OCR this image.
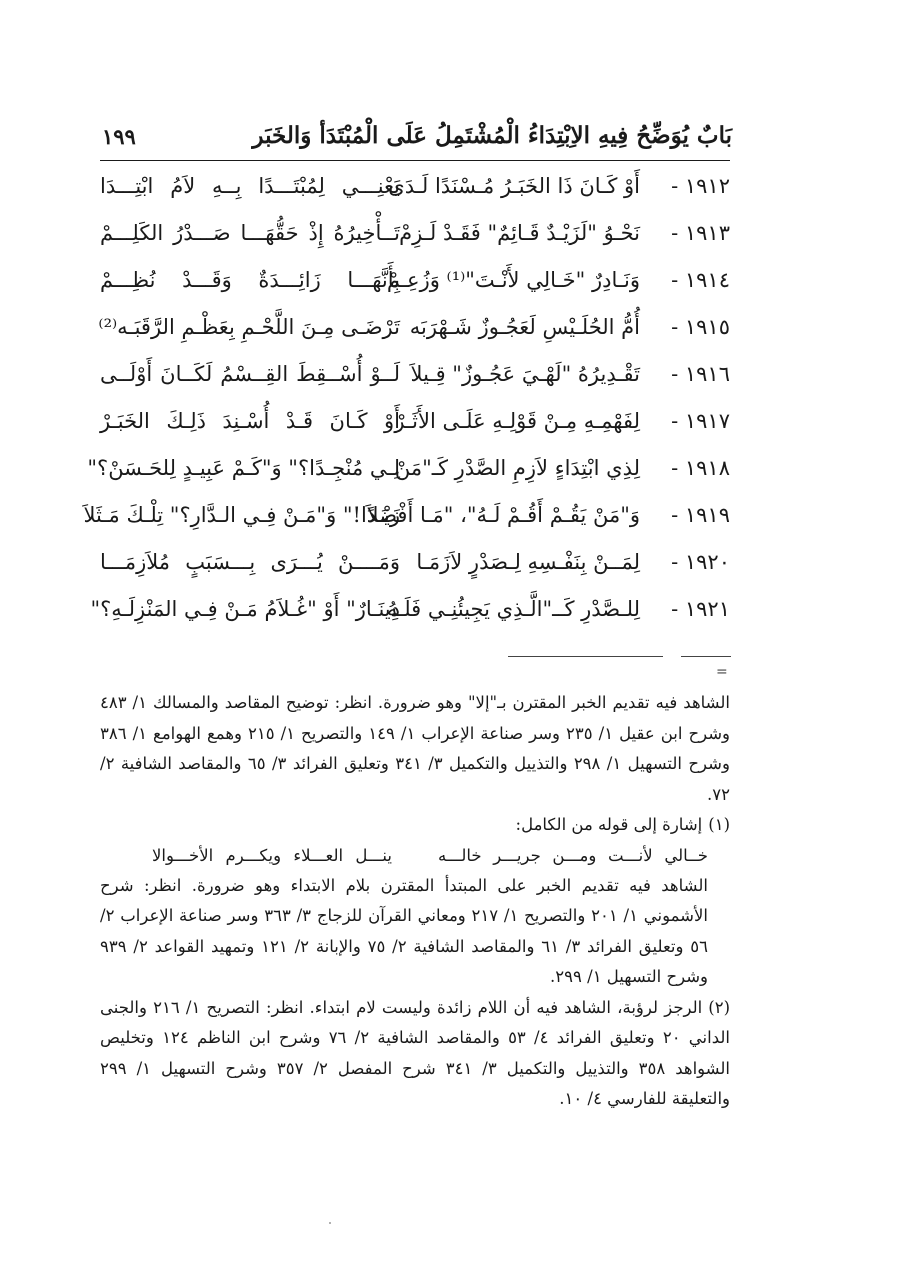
بَابٌ يُوَضِّحُ فِيهِ الاِبْتِدَاءُ الْمُشْتَمِلُ عَلَى الْمُبْتَدَأ وَالخَبَر
١٩٩
١٩١٢ -
أَوْ كَـانَ ذَا الخَبَـرُ مُـسْنَدًا لَـدَى
يَعْنِـــي لِمُبْتَـــدًا بِــهِ لاَمُ ابْتِـــدَا
١٩١٣ -
نَحْـوُ "لَزَيْـدٌ قَـائِمٌ" فَقَـدْ لَـزِمْ
تَــأْخِيرُهُ إِذْ حَقُّهَـــا صَـــدْرُ الكَلِـــمْ
١٩١٤ -
وَنَـادِرٌ "خَـالِي لأَنْـتَ"⁽¹⁾ وَزُعِـمْ
بِأَنَّهَـــا زَائِـــدَةٌ وَقَـــدْ نُظِـــمْ
١٩١٥ -
أُمُّ الحُلَـيْسِ لَعَجُـوزٌ شَـهْرَبَه
تَرْضَـى مِـنَ اللَّحْـمِ بِعَظْـمِ الرَّقَبَـه⁽²⁾
١٩١٦ -
تَقْـدِيرُهُ "لَهْـيَ عَجُـوزٌ" قِـيلاَ
لَــوْ أُسْــقِطَ القِــسْمُ لَكَــانَ أَوْلَــى
١٩١٧ -
لِفَهْمِـهِ مِـنْ قَوْلِـهِ عَلَـى الأَثَـرْ
أَوْ كَـانَ قَـدْ أُسْـنِدَ ذَلِـكَ الخَبَـرْ
١٩١٨ -
لِذِي ابْتِدَاءٍ لاَزِمِ الصَّدْرِ كَـ"مَنْ
لِـي مُنْجِـدًا؟" وَ"كَـمْ عَبِيـدٍ لِلحَـسَنْ؟"
١٩١٩ -
وَ"مَنْ يَقُـمْ أَقُـمْ لَـهُ"، "مَـا أَفْضَلاَ
زَيْـدًا!" وَ"مَـنْ فِـي الـدَّارِ؟" تِلْـكَ مَـثَلاَ
١٩٢٠ -
لِمَــنْ بِنَفْـسِهِ لِـصَدْرٍ لاَزَمَـا
وَمَــــنْ يُـــرَى بِـــسَبَبٍ مُلاَزِمَـــا
١٩٢١ -
لِلـصَّدْرِ كَــ"الَّـذِي يَجِيئُنِـي فَلَـهُ
دِينَـارٌ" أَوْ "غُـلاَمُ مَـنْ فِـي المَنْزِلَـهِ؟"
=

الشاهد فيه تقديم الخبر المقترن بـ"إلا" وهو ضرورة. انظر: توضيح المقاصد والمسالك ١/ ٤٨٣ وشرح ابن عقيل ١/ ٢٣٥ وسر صناعة الإعراب ١/ ١٤٩ والتصريح ١/ ٢١٥ وهمع الهوامع ١/ ٣٨٦ وشرح التسهيل ١/ ٢٩٨ والتذييل والتكميل ٣/ ٣٤١ وتعليق الفرائد ٣/ ٦٥ والمقاصد الشافية ٢/ ٧٢.

(١)إشارة إلى قوله من الكامل:

خــالي لأنـــت ومـــن جريـــر خالـــه
ينـــل العـــلاء ويكـــرم الأخـــوالا

الشاهد فيه تقديم الخبر على المبتدأ المقترن بلام الابتداء وهو ضرورة. انظر: شرح الأشموني ١/ ٢٠١ والتصريح ١/ ٢١٧ ومعاني القرآن للزجاج ٣/ ٣٦٣ وسر صناعة الإعراب ٢/ ٥٦ وتعليق الفرائد ٣/ ٦١ والمقاصد الشافية ٢/ ٧٥ والإبانة ٢/ ١٢١ وتمهيد القواعد ٢/ ٩٣٩ وشرح التسهيل ١/ ٢٩٩.

(٢)الرجز لرؤبة، الشاهد فيه أن اللام زائدة وليست لام ابتداء. انظر: التصريح ١/ ٢١٦ والجنى الداني ٢٠ وتعليق الفرائد ٤/ ٥٣ والمقاصد الشافية ٢/ ٧٦ وشرح ابن الناظم ١٢٤ وتخليص الشواهد ٣٥٨ والتذييل والتكميل ٣/ ٣٤١ شرح المفصل ٢/ ٣٥٧ وشرح التسهيل ١/ ٢٩٩ والتعليقة للفارسي ٤/ ١٠.
